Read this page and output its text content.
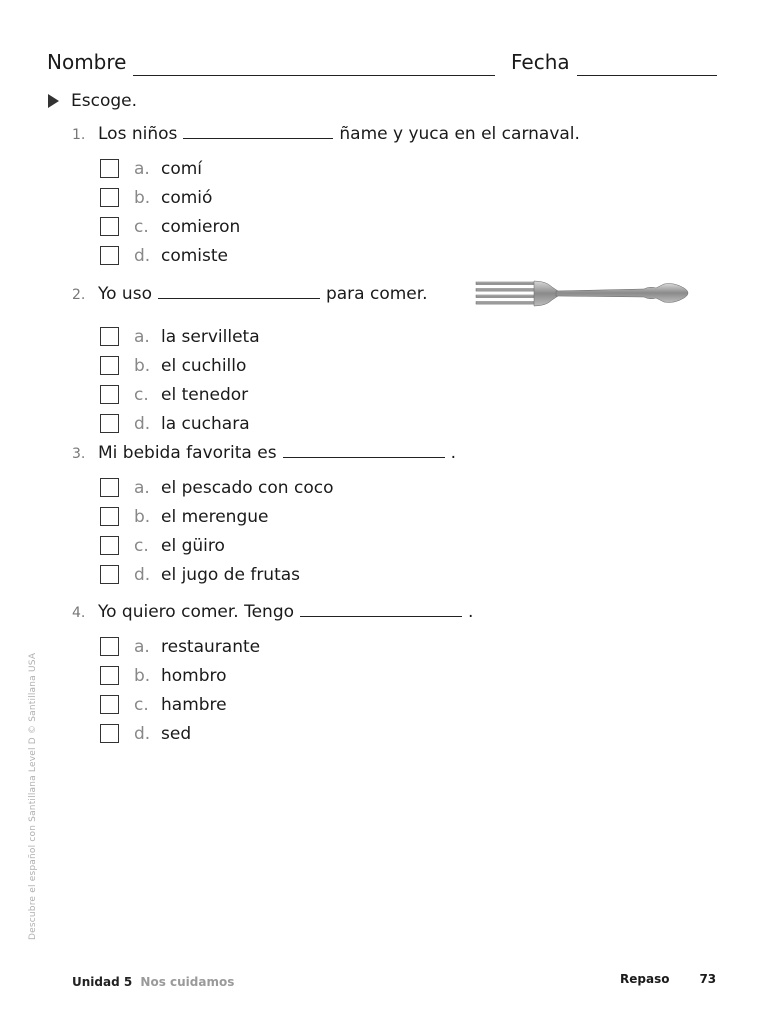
Nombre	Fecha
Escoge.
1. Los niños	ñame y yuca en el carnaval.
a. comí
b. comió
c. comieron
d. comiste
2. Yo uso	para comer.
a. la servilleta
b. el cuchillo
c. el tenedor
d. la cuchara
3. Mi bebida favorita es	.
a. el pescado con coco
b. el merengue
c. el güiro
d. el jugo de frutas
4. Yo quiero comer. Tengo	.
a. restaurante
b. hombro
c. hambre
d. sed
Descubre el español con Santillana Level D © Santillana USA
Unidad 5 Nos cuidamos	Repaso	73
